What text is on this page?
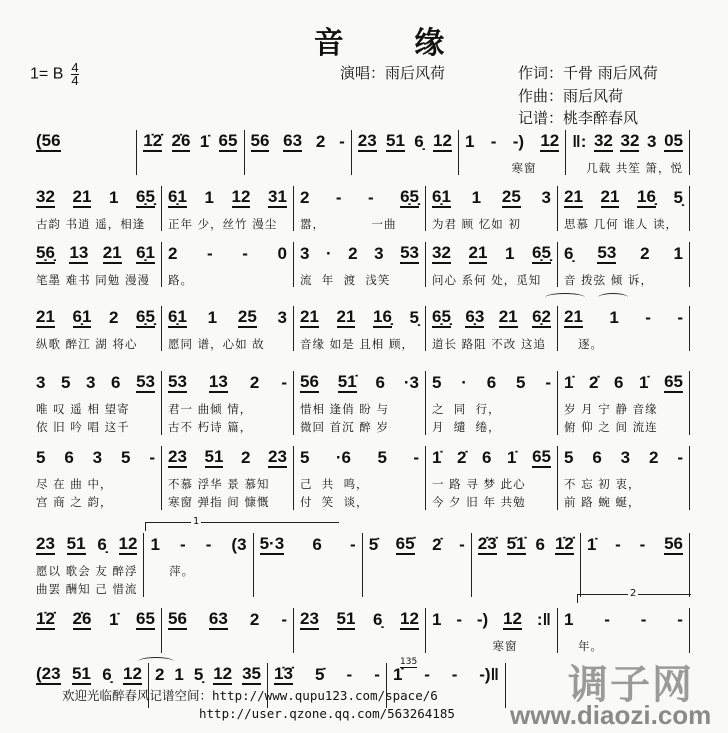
音 缘
1= B $\frac{4}{4}$	演唱：雨后风荷	作词：千骨 雨后风荷
作曲：雨后风荷
记谱：桃李醉春风
(56	1̇2̇ 2̇6 1̇ 65 56 63 2 - 23 51 6̣ 12 1 - -) 12
寒窗
‖: 32 32 3 05
几载 共笙 箫，悦
32 21 1 6̣5̣
古韵 书逍 遥，相逢
6̣1 1 12 31
正年 少，丝竹 漫尘
2 - - 6̣5̣
嚣，          一曲
6̣1 1 25 3
为君 顾 忆如 初
21 21 16̣ 5̣
思慕 几何 谁人 读，
5̣6̣ 13 21 6̣1
笔墨 难书 同勉 漫漫
2 - - 0
路。
3 · 2 3 53
流  年  渡  浅笑
32 21 1 6̣5̣
问心 系何 处，觅知
6̣ 53 2 1
音 拨弦 倾 诉，
21 6̣1 2 6̣5̣
纵歌 醉江 湖 将心
6̣1 1 25 3
愿同 谱，心如 故
21 21 16̣ 5̣
音缘 如是 且相 顾，
6̣5̣ 6̣3 21 6̣2
道长 路阻 不改 这追
21 1 - -
逐。
3 5 3 6 53
唯 叹 遥 相 望寄
依 旧 吟 唱 这千
53 13 2 -
君一 曲倾 情，
古不 朽诗 篇，
56 51̇ 6 ·3
惜相 逢俏 盼 与
微回 首沉 醉 岁
5 · 6 5 -
之  同  行，
月  缱  绻，
1̇ 2̇ 6 1̇ 65
岁 月 宁 静 音缘
俯 仰 之 间 流连
5 6 3 5 -
尽 在 曲 中，
宫 商 之 韵，
23 51 2 23
不慕 浮华 景 慕知
寒窗 弹指 间 慷慨
5 ·6 5 -
己  共  鸣，
付  笑  谈，
1̇ 2̇ 6 1̇ 65
一 路 寻 梦 此心
今 夕 旧 年 共勉
5 6 3 2 -
不 忘 初 衷，
前 路 蜿 蜒，
23 51 6̣ 12
愿以 歌会 友 醉浮
曲罢 酬知 己 惜流
1 - - (3
萍。
5·3 6 - 5̇ 65̇ 2̇ - 2̇3̇ 5̇1̇ 6 1̇2̇ 1̇ - - 56
1
1̇2̇ 2̇6 1̇ 65 56 63 2 - 23 51 6̣ 12 1 - -) 12 :‖
寒窗
1 - - -
年。
2
(23 51 6̣ 12 2 1 5̣ 12 35 1̇3̇ 5̇ - - 1̇ - - -)‖
135
欢迎光临醉春风记谱空间：http://www.qupu123.com/space/6
http://user.qzone.qq.com/563264185
调子网
www.diaozi.com
